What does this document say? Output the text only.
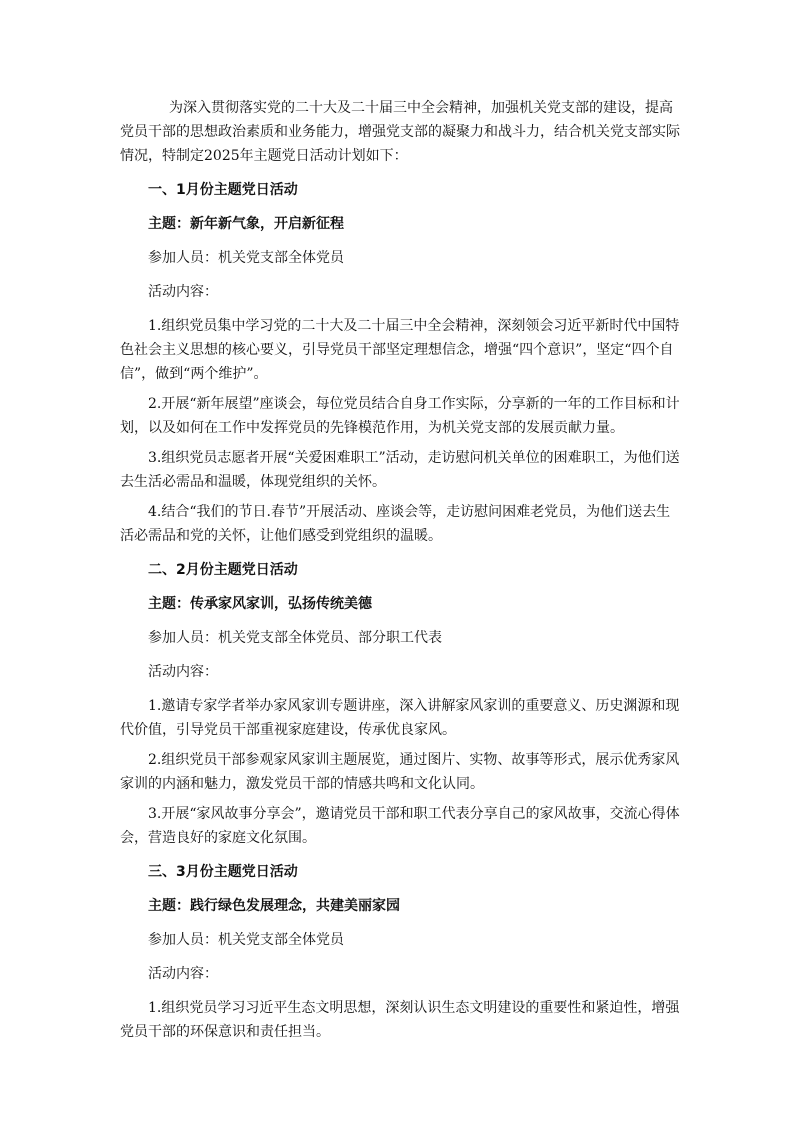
为深入贯彻落实党的二十大及二十届三中全会精神，加强机关党支部的建设，提高党员干部的思想政治素质和业务能力，增强党支部的凝聚力和战斗力，结合机关党支部实际情况，特制定2025年主题党日活动计划如下：

一、1月份主题党日活动

主题：新年新气象，开启新征程

参加人员：机关党支部全体党员

活动内容：

1.组织党员集中学习党的二十大及二十届三中全会精神，深刻领会习近平新时代中国特色社会主义思想的核心要义，引导党员干部坚定理想信念，增强“四个意识”，坚定“四个自信”，做到“两个维护”。

2.开展“新年展望”座谈会，每位党员结合自身工作实际，分享新的一年的工作目标和计划，以及如何在工作中发挥党员的先锋模范作用，为机关党支部的发展贡献力量。

3.组织党员志愿者开展“关爱困难职工”活动，走访慰问机关单位的困难职工，为他们送去生活必需品和温暖，体现党组织的关怀。

4.结合“我们的节日.春节”开展活动、座谈会等，走访慰问困难老党员，为他们送去生活必需品和党的关怀，让他们感受到党组织的温暖。

二、2月份主题党日活动

主题：传承家风家训，弘扬传统美德

参加人员：机关党支部全体党员、部分职工代表

活动内容：

1.邀请专家学者举办家风家训专题讲座，深入讲解家风家训的重要意义、历史渊源和现代价值，引导党员干部重视家庭建设，传承优良家风。

2.组织党员干部参观家风家训主题展览，通过图片、实物、故事等形式，展示优秀家风家训的内涵和魅力，激发党员干部的情感共鸣和文化认同。

3.开展“家风故事分享会”，邀请党员干部和职工代表分享自己的家风故事，交流心得体会，营造良好的家庭文化氛围。

三、3月份主题党日活动

主题：践行绿色发展理念，共建美丽家园

参加人员：机关党支部全体党员

活动内容：

1.组织党员学习习近平生态文明思想，深刻认识生态文明建设的重要性和紧迫性，增强党员干部的环保意识和责任担当。
